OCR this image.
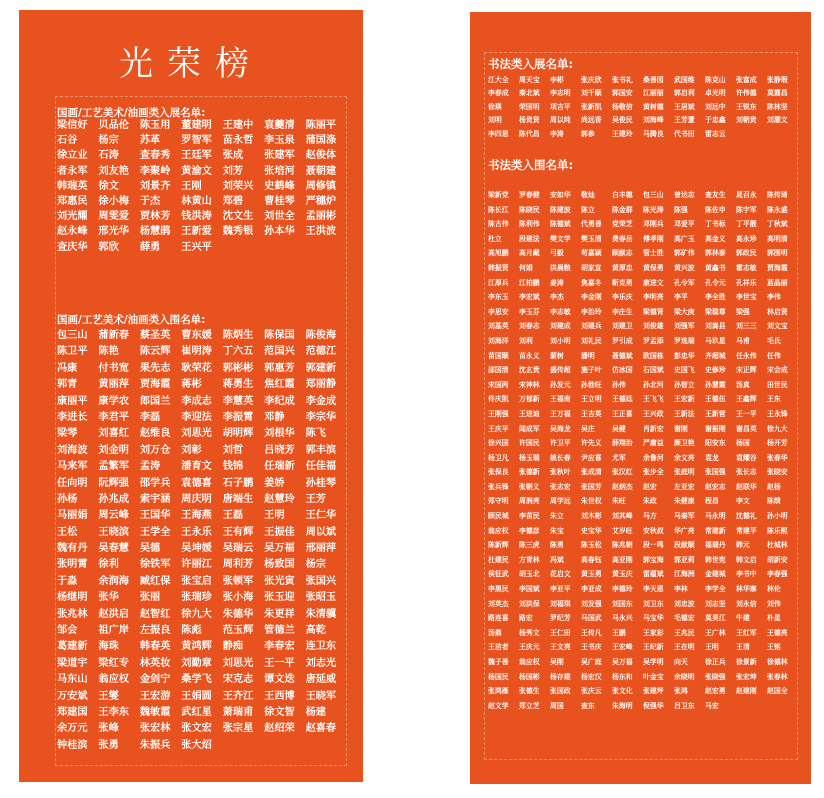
光荣榜
国画/工艺美术/油画类入展名单:
梁信好	贝品伦	陈玉用	董建明	王建中	袁夔清	陈丽平
石谷	杨宗	苏革	罗智军	苗永哲	李玉泉	蒲国涤
徐立业	石涛	查春秀	王廷军	张成	张建军	赵俊体
者永军	刘友艳	李聚岭	黄渝文	刘芳	张培河	聂朝建
韩瑞英	徐文	刘景齐	王刚	刘荣兴	史鹤峰	周修镇
郑惠民	徐小梅	于杰	林黄山	郑碧	曹桂琴	严穗炉
刘光耀	周雯爱	贾林芳	钱洪涛	沈文生	刘世全	孟丽彬
赵永峰	邢光华	杨慧鹃	王新爱	魏秀银	孙本华	王洪波
查庆华	郭欣	薛勇	王兴平
国画/工艺美术/油画类入围名单:
包三山	蒲新春	蔡圣英	曹东媛	陈炳生	陈保国	陈俊海
陈卫平	陈艳	陈云辉	崔明涛	丁六五	范国兴	范德江
冯康	付书宽	果先志	耿荣花	郭彬彬	郭惠芳	郭建新
郭青	黄丽萍	贾海霞	蒋彬	蒋勇生	焦红霞	郑丽静
康丽平	康学农	郎国兰	李成志	李慧英	李纪成	李金成
李进长	李君平	李磊	李迎法	李振霄	邓静	李宗华
梁琴	刘喜红	赵维良	刘思光	胡明辉	刘根华	陈飞
刘海波	刘金明	刘万仓	刘彰	刘哲	吕晓芳	郭丰滨
马来军	孟繁军	孟涛	潘育文	钱锦	任瑞新	任佳福
任向明	阮辉强	邵学兵	袁德喜	石子鹏	姜娇	孙桂琴
孙杨	孙兆成	索宇涵	周庆明	唐端生	赵慧玲	王芳
马丽娟	周云峰	王国华	王海燕	王磊	王明	王仁华
王松	王晓滨	王学全	王永乐	王有辉	王振佳	周以斌
魏有丹	吴春慧	吴德	吴坤媛	吴瑞云	吴万福	邢丽萍
张明霄	徐利	徐铁军	许丽江	周利芳	杨致国	杨宗
于淼	余润海	臧红保	张宝启	张顿军	张光寅	张国兴
杨继明	张华	张丽	张瑞珍	张小海	张玉迎	张昭玉
张兆林	赵洪启	赵智红	徐九大	朱德华	朱更祥	朱清骥
邹会	祖广岸	左振良	陈彪	范玉辉	管德兰	高乾
葛建新	海珠	韩春英	黄鸿辉	静痴	李春宏	连卫东
梁道宇	梁红专	林英妆	刘勤章	刘思光	王一平	刘志光
马东山	翁应权	金剑宁	桑学飞	宋克志	谭文迭	唐延威
万安斌	王燮	王宏游	王娟圆	王齐江	王西博	王晓军
郑建国	王李东	魏敏霞	武红星	萧瑞甫	徐文智	杨建
余万元	张峰	张宏林	张文宏	张宗星	赵绍荣	赵喜春
钟桂滨	张勇	朱振兵	张大炤
书法类入展名单:
江大全	周天宝	李彬	张庆欣	张书礼	桑善园	武国维	陈克山	张富成	张静瑕
李春成	秦北斌	李志明	刘千顺	郭国安	江丽丽	郭启利	卓光明	许伟德	莫露昌
徐瑛	荣国明	项吉平	张新凯	杨敬信	黄树德	王居斌	刘远中	王锐东	陈林坚
刘明	杨贵贤	周以纯	尚远香	吴俊民	刘海峰	王芳薏	于忠鑫	刘朝贵	刘潮文
李四思	陈代昌	李涛	郭参	王建玲	马腾良	代书田	雷志云
书法类入围名单:
梁新党	罗春健	安如华	敬灿	白丰德	包三山	曾达志	查友生	晁召永	陈传琦
陈长江	陈晓民	陈建波	陈立	陈金群	陈光涛	陈强	陈佐申	陈宇军	陈永盛
陈古伟	陈利伟	陈德斌	代勇善	党荣芝	邓刚兵	邓爱平	丁书标	丁平靓	丁秋斌
杜立	段建法	樊文学	樊玉清	费春岳	傅孝刚	高广玉	高金义	高永珍	高明清
高旭鹏	高月藏	弓毅	苟嘉颖	顾献志	管士胜	郭矿伟	郭林泰	郭政民	郭围明
韩振贤	何娟	洪晨粮	胡家宣	黄厚忠	黄保勇	黄兴波	黄鑫书	霍志敏	贾海霞
江厚兵	江柏鹏	姜涛	焦嘉冬	靳克勇	康进文	孔令军	孔令元	孔祥乐	蓝晶丽
李东玉	李宏斌	李杰	李金刚	李乐庆	李明亮	李平	李全胜	李世宝	李伟
李思安	李玉芬	李志敏	李治玲	李庄生	梁德肾	梁大庚	梁稳尊	梁强	林启贤
刘基英	刘春志	刘建成	刘建兵	刘建卫	刘俊雄	刘强军	刘嵩县	刘三三	刘文宝
刘海洋	刘利	刘小明	刘礼民	罗引成	罗孟添	罗选瑞	马玖星	马甫	毛氏
苗国顺	苗永义	蒙树	潘明	聂德斌	欧国栋	彭忠华	齐超城	任永伟	任伟
邵国清	沈玄贵	盛传超	施子叶	仿冰国	石国斌	史国飞	史修珍	宋正辉	宋会成
宋国两	宋神林	孙发元	孙勃旺	孙伟	孙北河	孙智立	孙慧霞	汤真	田世民
佟庆凯	万郁新	王福南	王立明	王德廷	王飞飞	王宏新	王德伍	王鑫辉	王东
王刚强	王进迪	王万福	王吉英	王正喜	王兴政	王新法	王新营	王一平	王永锋
王庆平	闻成军	吴海龙	吴庄	吴健	肖新宏	谢刚	谢振刚	谢昌英	徐九大
徐兴国	许国民	许卫平	许先义	薛翔治	严庸益	颜卫艳	阳安东	杨国	杨开芳
杨卫凡	杨玉瑞	姚长春	尹应喜	尤军	余鲁河	余文亮	袁龙	袁耀谷	张春华
张保良	张德新	张秋叶	张成清	张汉红	张步全	张庭明	张国强	张长志	张晓安
张兵锋	张朝义	张志宏	张国芳	赵炳杰	赵宏	左亚宏	赵宏志	赵联华	赵杨
郑守明	周润亮	周学远	朱世权	朱旺	朱政	朱健康	程昌	李文	陈绩
顾民城	李苗民	朱立	刘木彬	刘其峰	马方	马秦军	马永明	沈德礼	孙小明
翁应权	李德彦	朱宝	史宝华	艾岁旺	安秋叔	华广亮	常建新	常建平	陈乐熙
陈新辉	陈三虎	陈勇	陈玉松	陈兆朝	段一鸣	段献顺	福瑞丹	韩元	杜城林
杜建民	方青林	冯斌	高春钰	高亚刚	郭宝海	郭亚莉	韩世宪	韩文启	胡新安
侯征武	胡玉北	花启文	黄玉勇	黄玉庆	雷蕴斌	江海洲	金建城	李书中	李春强
李黑民	李国斌	李亚平	李亚成	李德玲	李天恩	李林	李学全	林华寨	林伦
刘英杰	刘洪保	刘福琪	刘发强	刘国东	刘卫东	刘忠波	刘志坚	刘永信	刘伟
路连喜	路宏	罗纪芳	马国武	马永兴	马宝华	毛德宏	莫昊江	牛建	朴星
汤鼎	杨秀文	王仁田	王传凡	王鹏	王家彩	王兆民	王广林	王红军	王德亮
王洁者	王庆元	王文亮	王书庆	王宏峰	王纪新	王在明	王明	王清	王铭
魏子善	翁应权	吴刚	吴广庭	吴万福	吴学明	向天	徐正兵	徐景新	徐德林
杨国民	杨国彬	杨存建	杨宏汉	杨东和	叶金宝	余晓明	张晓强	张宏坤	张春林
张鸿雁	张德生	张国政	张庆云	张文化	张建坪	张鸿	赵宏勇	赵建刚	赵国全
赵文学	郑立芝	周国	查东	朱海明	倪强华	吕卫东	马宏
